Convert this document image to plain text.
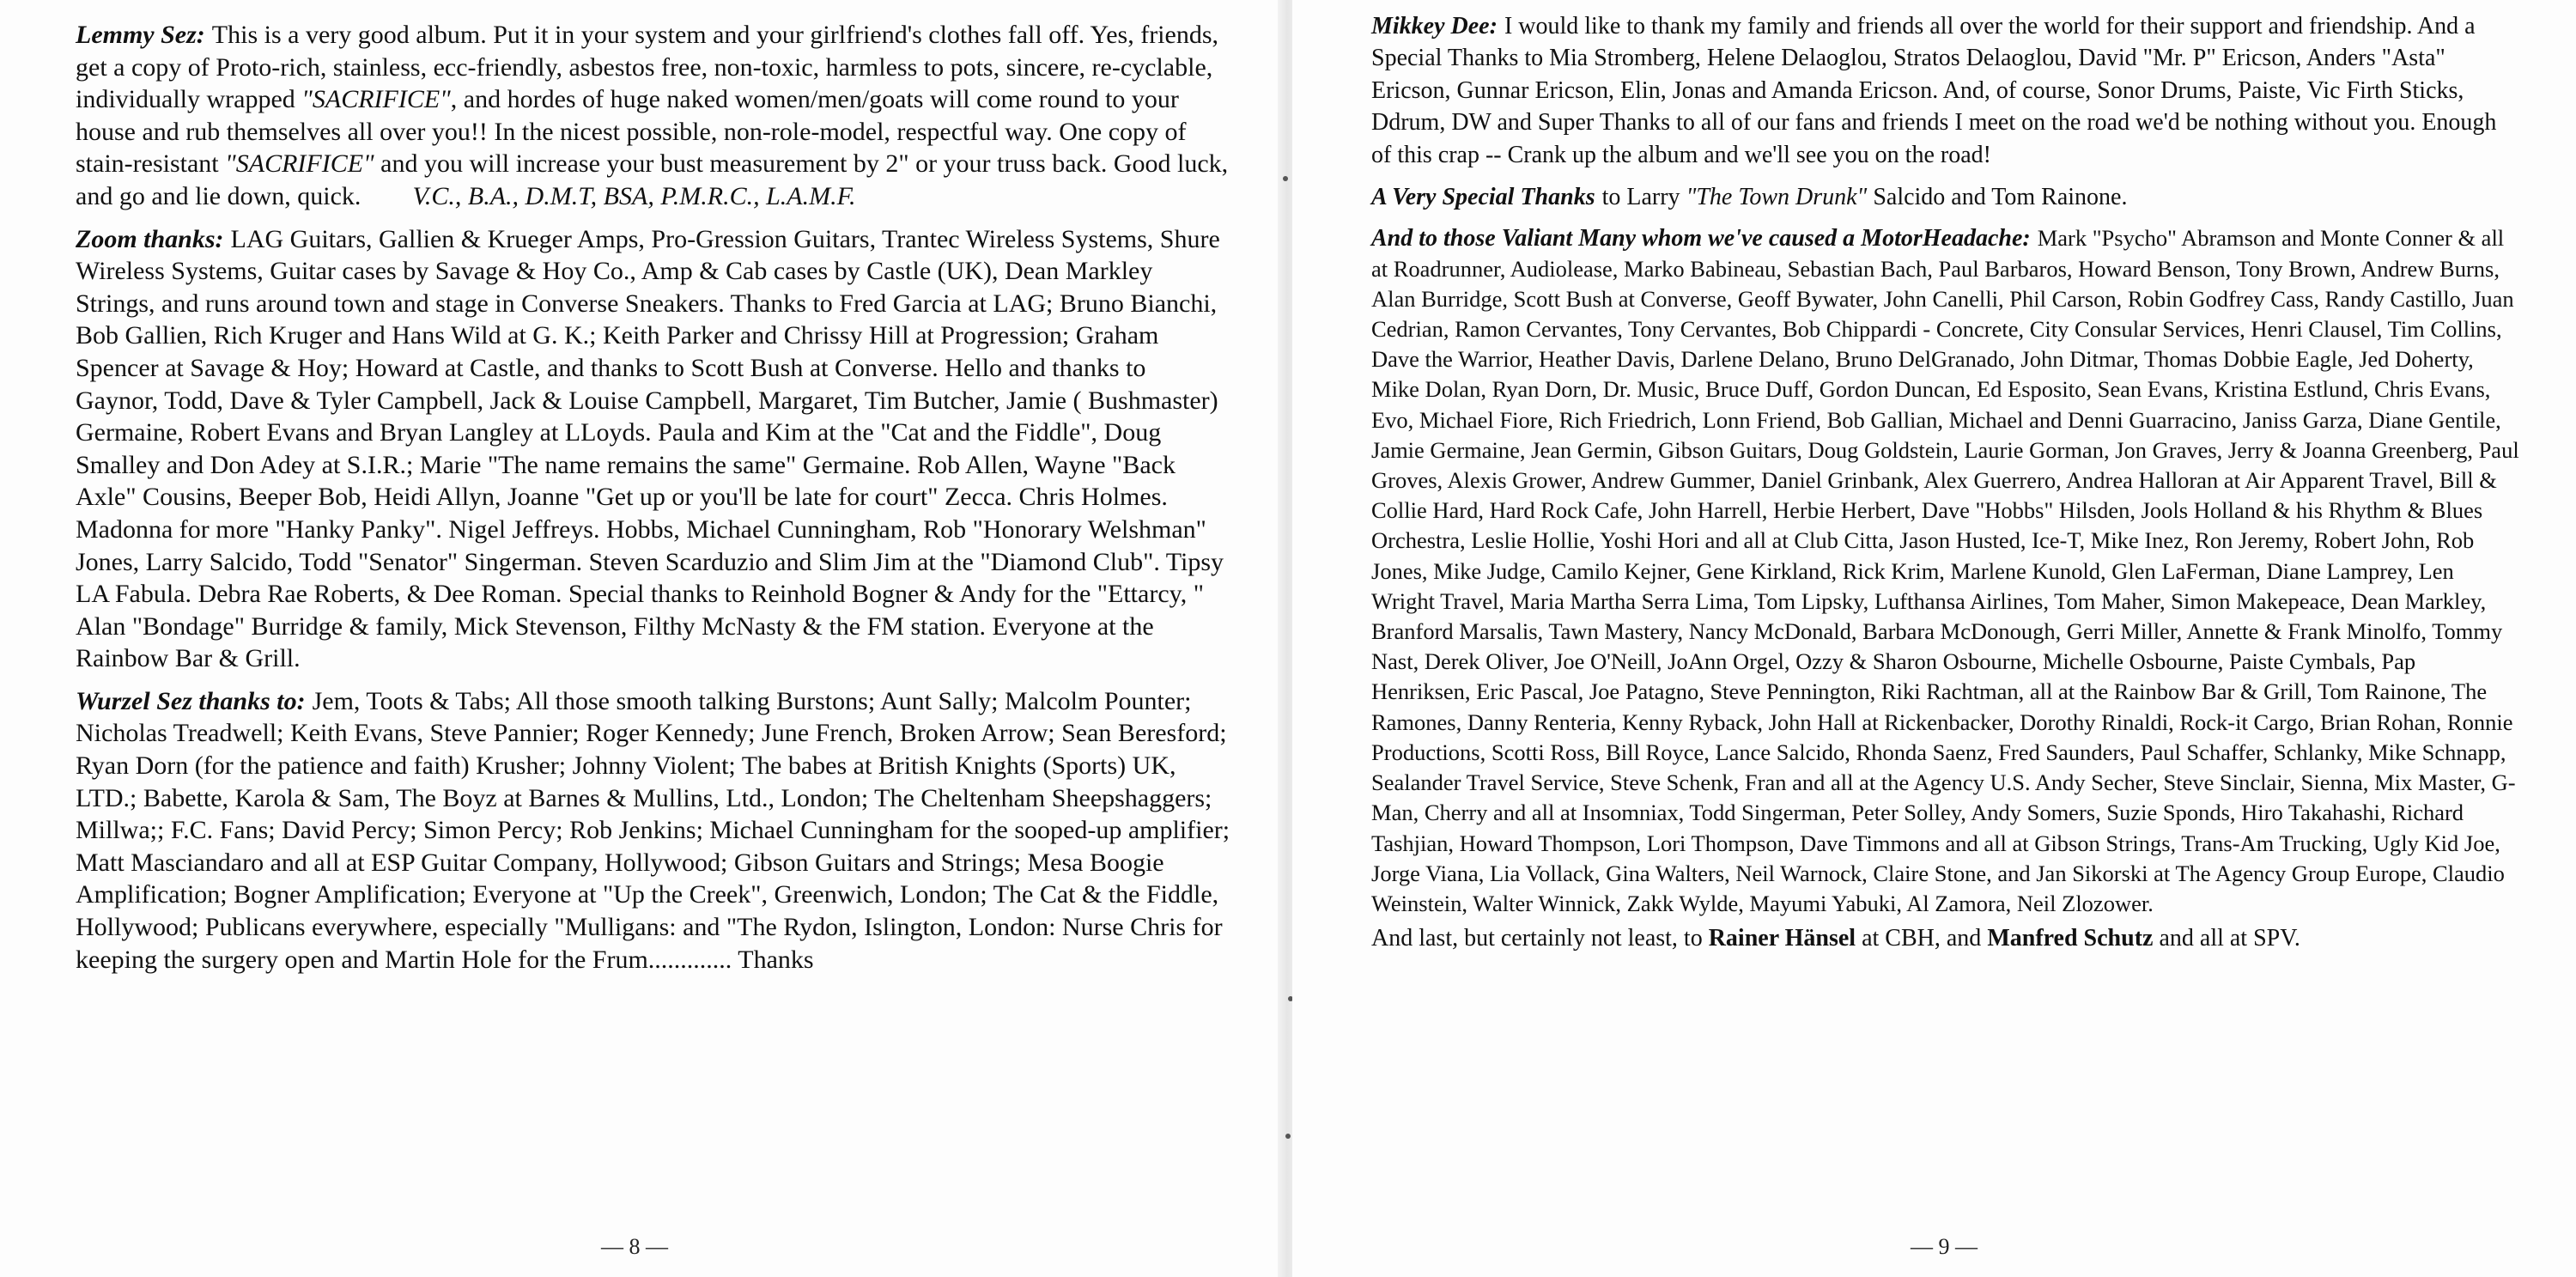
Lemmy Sez: This is a very good album. Put it in your system and your girlfriend's clothes fall off. Yes, friends, get a copy of Proto-rich, stainless, ecc-friendly, asbestos free, non-toxic, harmless to pots, sincere, re-cyclable, individually wrapped "SACRIFICE", and hordes of huge naked women/men/goats will come round to your house and rub themselves all over you!! In the nicest possible, non-role-model, respectful way. One copy of stain-resistant "SACRIFICE" and you will increase your bust measurement by 2" or your truss back. Good luck, and go and lie down, quick. V.C., B.A., D.M.T, BSA, P.M.R.C., L.A.M.F.

Zoom thanks: LAG Guitars, Gallien & Krueger Amps, Pro-Gression Guitars, Trantec Wireless Systems, Shure Wireless Systems, Guitar cases by Savage & Hoy Co., Amp & Cab cases by Castle (UK), Dean Markley Strings, and runs around town and stage in Converse Sneakers. Thanks to Fred Garcia at LAG; Bruno Bianchi, Bob Gallien, Rich Kruger and Hans Wild at G. K.; Keith Parker and Chrissy Hill at Progression; Graham Spencer at Savage & Hoy; Howard at Castle, and thanks to Scott Bush at Converse. Hello and thanks to Gaynor, Todd, Dave & Tyler Campbell, Jack & Louise Campbell, Margaret, Tim Butcher, Jamie ( Bushmaster) Germaine, Robert Evans and Bryan Langley at LLoyds. Paula and Kim at the "Cat and the Fiddle", Doug Smalley and Don Adey at S.I.R.; Marie "The name remains the same" Germaine. Rob Allen, Wayne "Back Axle" Cousins, Beeper Bob, Heidi Allyn, Joanne "Get up or you'll be late for court" Zecca. Chris Holmes. Madonna for more "Hanky Panky". Nigel Jeffreys. Hobbs, Michael Cunningham, Rob "Honorary Welshman" Jones, Larry Salcido, Todd "Senator" Singerman. Steven Scarduzio and Slim Jim at the "Diamond Club". Tipsy LA Fabula. Debra Rae Roberts, & Dee Roman. Special thanks to Reinhold Bogner & Andy for the "Ettarcy, " Alan "Bondage" Burridge & family, Mick Stevenson, Filthy McNasty & the FM station. Everyone at the Rainbow Bar & Grill.

Wurzel Sez thanks to: Jem, Toots & Tabs; All those smooth talking Burstons; Aunt Sally; Malcolm Pounter; Nicholas Treadwell; Keith Evans, Steve Pannier; Roger Kennedy; June French, Broken Arrow; Sean Beresford; Ryan Dorn (for the patience and faith) Krusher; Johnny Violent; The babes at British Knights (Sports) UK, LTD.; Babette, Karola & Sam, The Boyz at Barnes & Mullins, Ltd., London; The Cheltenham Sheepshaggers; Millwa;; F.C. Fans; David Percy; Simon Percy; Rob Jenkins; Michael Cunningham for the sooped-up amplifier; Matt Masciandaro and all at ESP Guitar Company, Hollywood; Gibson Guitars and Strings; Mesa Boogie Amplification; Bogner Amplification; Everyone at "Up the Creek", Greenwich, London; The Cat & the Fiddle, Hollywood; Publicans everywhere, especially "Mulligans: and "The Rydon, Islington, London: Nurse Chris for keeping the surgery open and Martin Hole for the Frum............. Thanks

— 8 —

Mikkey Dee: I would like to thank my family and friends all over the world for their support and friendship. And a Special Thanks to Mia Stromberg, Helene Delaoglou, Stratos Delaoglou, David "Mr. P" Ericson, Anders "Asta" Ericson, Gunnar Ericson, Elin, Jonas and Amanda Ericson. And, of course, Sonor Drums, Paiste, Vic Firth Sticks, Ddrum, DW and Super Thanks to all of our fans and friends I meet on the road we'd be nothing without you. Enough of this crap -- Crank up the album and we'll see you on the road!

A Very Special Thanks to Larry "The Town Drunk" Salcido and Tom Rainone.

And to those Valiant Many whom we've caused a MotorHeadache: Mark "Psycho" Abramson and Monte Conner & all at Roadrunner, Audiolease, Marko Babineau, Sebastian Bach, Paul Barbaros, Howard Benson, Tony Brown, Andrew Burns, Alan Burridge, Scott Bush at Converse, Geoff Bywater, John Canelli, Phil Carson, Robin Godfrey Cass, Randy Castillo, Juan Cedrian, Ramon Cervantes, Tony Cervantes, Bob Chippardi - Concrete, City Consular Services, Henri Clausel, Tim Collins, Dave the Warrior, Heather Davis, Darlene Delano, Bruno DelGranado, John Ditmar, Thomas Dobbie Eagle, Jed Doherty, Mike Dolan, Ryan Dorn, Dr. Music, Bruce Duff, Gordon Duncan, Ed Esposito, Sean Evans, Kristina Estlund, Chris Evans, Evo, Michael Fiore, Rich Friedrich, Lonn Friend, Bob Gallian, Michael and Denni Guarracino, Janiss Garza, Diane Gentile, Jamie Germaine, Jean Germin, Gibson Guitars, Doug Goldstein, Laurie Gorman, Jon Graves, Jerry & Joanna Greenberg, Paul Groves, Alexis Grower, Andrew Gummer, Daniel Grinbank, Alex Guerrero, Andrea Halloran at Air Apparent Travel, Bill & Collie Hard, Hard Rock Cafe, John Harrell, Herbie Herbert, Dave "Hobbs" Hilsden, Jools Holland & his Rhythm & Blues Orchestra, Leslie Hollie, Yoshi Hori and all at Club Citta, Jason Husted, Ice-T, Mike Inez, Ron Jeremy, Robert John, Rob Jones, Mike Judge, Camilo Kejner, Gene Kirkland, Rick Krim, Marlene Kunold, Glen LaFerman, Diane Lamprey, Len Wright Travel, Maria Martha Serra Lima, Tom Lipsky, Lufthansa Airlines, Tom Maher, Simon Makepeace, Dean Markley, Branford Marsalis, Tawn Mastery, Nancy McDonald, Barbara McDonough, Gerri Miller, Annette & Frank Minolfo, Tommy Nast, Derek Oliver, Joe O'Neill, JoAnn Orgel, Ozzy & Sharon Osbourne, Michelle Osbourne, Paiste Cymbals, Pap Henriksen, Eric Pascal, Joe Patagno, Steve Pennington, Riki Rachtman, all at the Rainbow Bar & Grill, Tom Rainone, The Ramones, Danny Renteria, Kenny Ryback, John Hall at Rickenbacker, Dorothy Rinaldi, Rock-it Cargo, Brian Rohan, Ronnie Productions, Scotti Ross, Bill Royce, Lance Salcido, Rhonda Saenz, Fred Saunders, Paul Schaffer, Schlanky, Mike Schnapp, Sealander Travel Service, Steve Schenk, Fran and all at the Agency U.S. Andy Secher, Steve Sinclair, Sienna, Mix Master, G-Man, Cherry and all at Insomniax, Todd Singerman, Peter Solley, Andy Somers, Suzie Sponds, Hiro Takahashi, Richard Tashjian, Howard Thompson, Lori Thompson, Dave Timmons and all at Gibson Strings, Trans-Am Trucking, Ugly Kid Joe, Jorge Viana, Lia Vollack, Gina Walters, Neil Warnock, Claire Stone, and Jan Sikorski at The Agency Group Europe, Claudio Weinstein, Walter Winnick, Zakk Wylde, Mayumi Yabuki, Al Zamora, Neil Zlozower.

And last, but certainly not least, to Rainer Hänsel at CBH, and Manfred Schutz and all at SPV.

— 9 —
